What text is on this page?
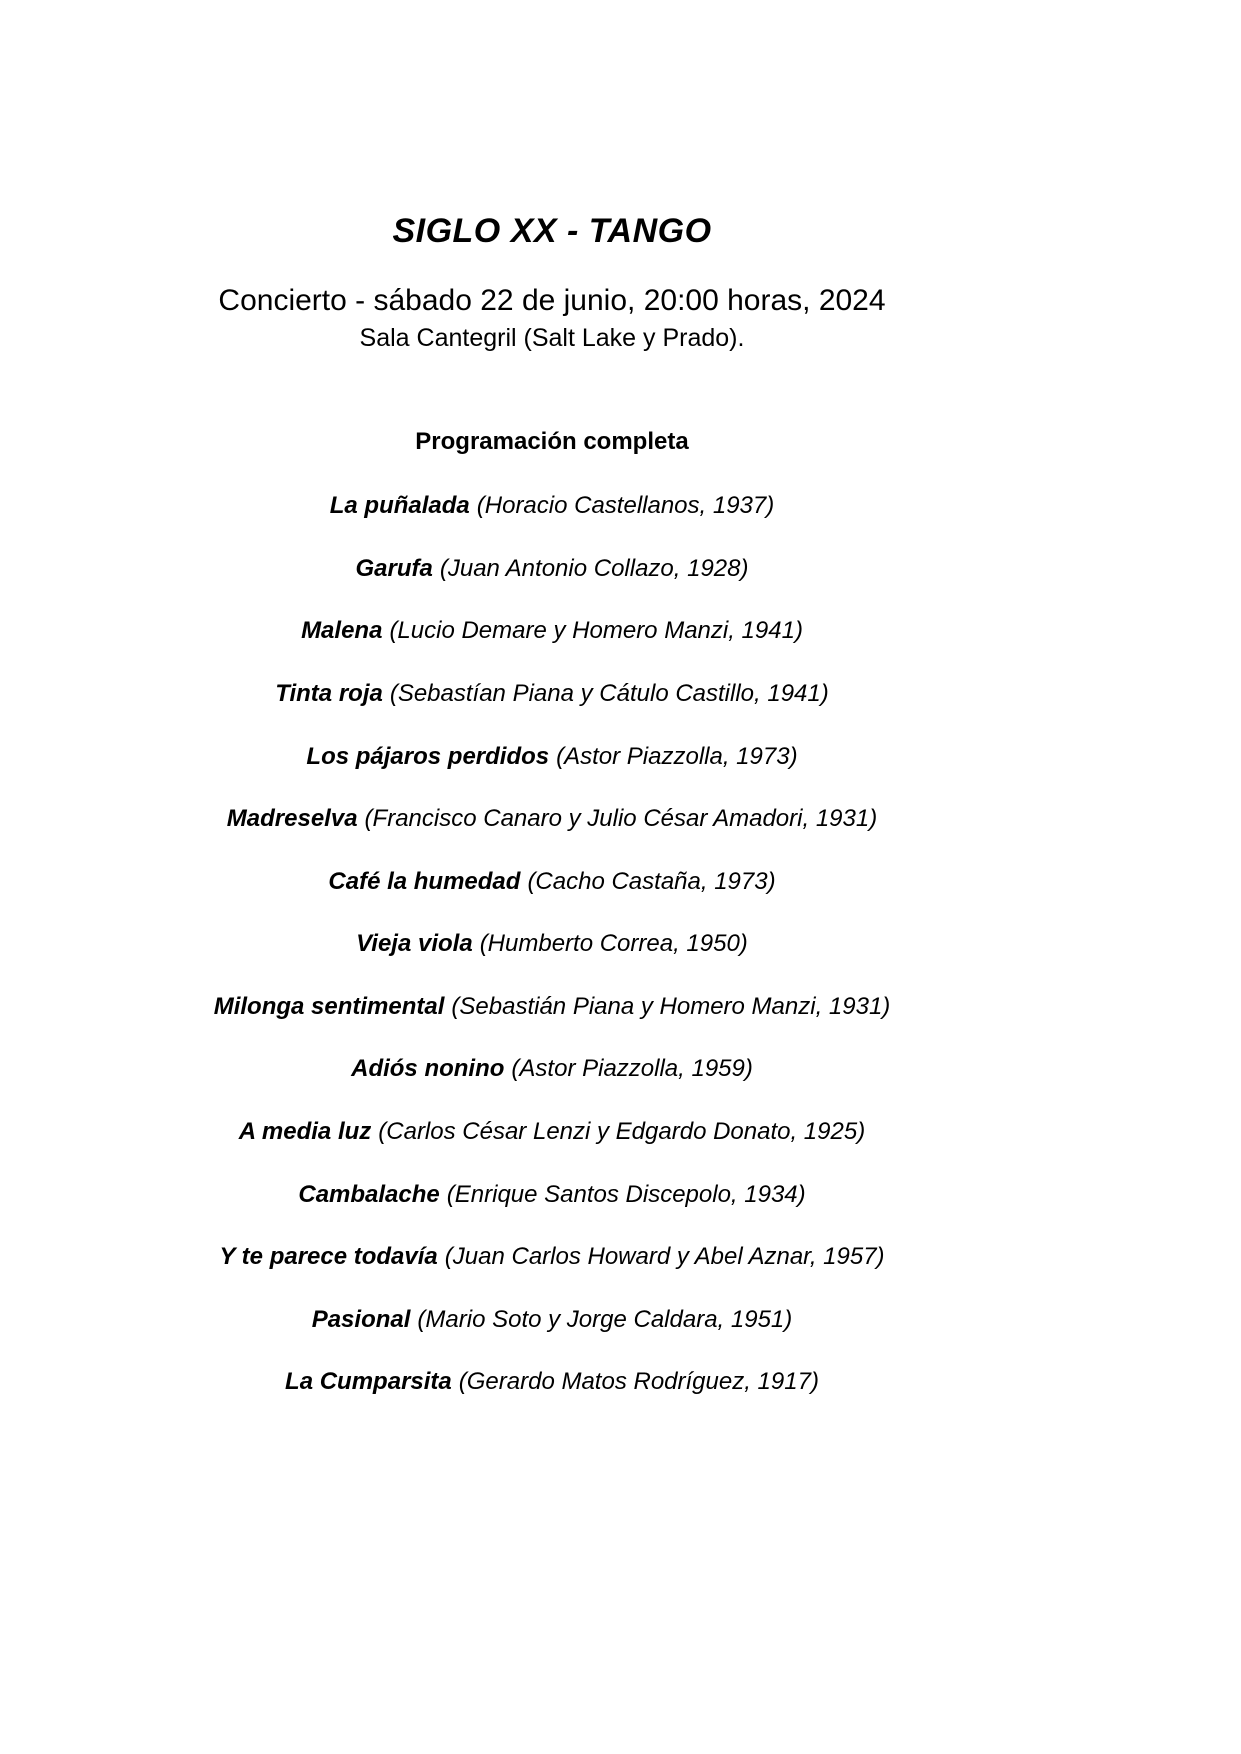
SIGLO XX - TANGO

Concierto - sábado 22 de junio, 20:00 horas, 2024

Sala Cantegril (Salt Lake y Prado).

Programación completa
La puñalada (Horacio Castellanos, 1937)
Garufa (Juan Antonio Collazo, 1928)
Malena (Lucio Demare y Homero Manzi, 1941)
Tinta roja (Sebastían Piana y Cátulo Castillo, 1941)
Los pájaros perdidos (Astor Piazzolla, 1973)
Madreselva (Francisco Canaro y Julio César Amadori, 1931)
Café la humedad (Cacho Castaña, 1973)
Vieja viola (Humberto Correa, 1950)
Milonga sentimental (Sebastián Piana y Homero Manzi, 1931)
Adiós nonino (Astor Piazzolla, 1959)
A media luz (Carlos César Lenzi y Edgardo Donato, 1925)
Cambalache (Enrique Santos Discepolo, 1934)
Y te parece todavía (Juan Carlos Howard y Abel Aznar, 1957)
Pasional (Mario Soto y Jorge Caldara, 1951)
La Cumparsita (Gerardo Matos Rodríguez, 1917)
